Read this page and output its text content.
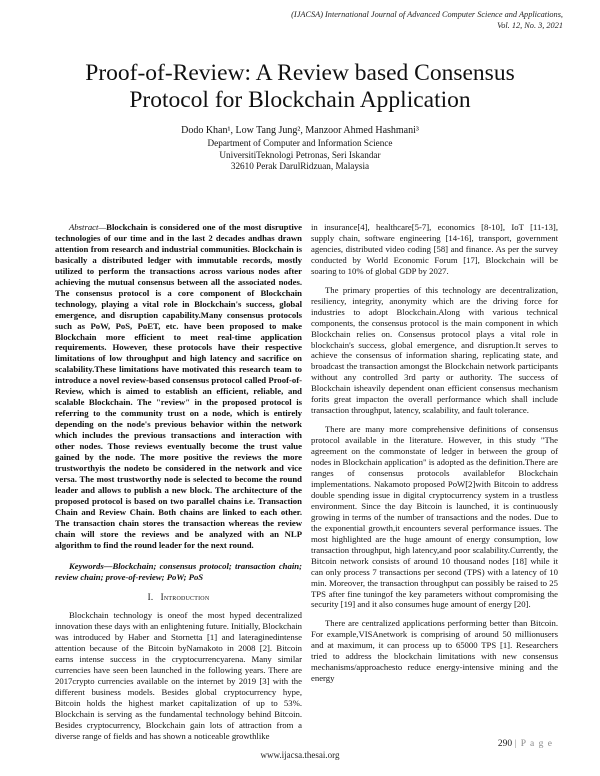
(IJACSA) International Journal of Advanced Computer Science and Applications,
Vol. 12, No. 3, 2021
Proof-of-Review: A Review based Consensus
Protocol for Blockchain Application
Dodo Khan¹, Low Tang Jung², Manzoor Ahmed Hashmani³
Department of Computer and Information Science
UniversitiTeknologi Petronas, Seri Iskandar
32610 Perak DarulRidzuan, Malaysia

Abstract—Blockchain is considered one of the most disruptive technologies of our time and in the last 2 decades andhas drawn attention from research and industrial communities. Blockchain is basically a distributed ledger with immutable records, mostly utilized to perform the transactions across various nodes after achieving the mutual consensus between all the associated nodes. The consensus protocol is a core component of Blockchain technology, playing a vital role in Blockchain's success, global emergence, and disruption capability.Many consensus protocols such as PoW, PoS, PoET, etc. have been proposed to make Blockchain more efficient to meet real-time application requirements. However, these protocols have their respective limitations of low throughput and high latency and sacrifice on scalability.These limitations have motivated this research team to introduce a novel review-based consensus protocol called Proof-of-Review, which is aimed to establish an efficient, reliable, and scalable Blockchain. The "review" in the proposed protocol is referring to the community trust on a node, which is entirely depending on the node's previous behavior within the network which includes the previous transactions and interaction with other nodes. Those reviews eventually become the trust value gained by the node. The more positive the reviews the more trustworthyis the nodeto be considered in the network and vice versa. The most trustworthy node is selected to become the round leader and allows to publish a new block. The architecture of the proposed protocol is based on two parallel chains i.e. Transaction Chain and Review Chain. Both chains are linked to each other. The transaction chain stores the transaction whereas the review chain will store the reviews and be analyzed with an NLP algorithm to find the round leader for the next round.

Keywords—Blockchain; consensus protocol; transaction chain; review chain; prove-of-review; PoW; PoS

I. Introduction

Blockchain technology is oneof the most hyped decentralized innovation these days with an enlightening future. Initially, Blockchain was introduced by Haber and Stornetta [1] and lateraginedintense attention because of the Bitcoin byNamakoto in 2008 [2]. Bitcoin earns intense success in the cryptocurrencyarena. Many similar currencies have seen been launched in the following years. There are 2017crypto currencies available on the internet by 2019 [3] with the different business models. Besides global cryptocurrency hype, Bitcoin holds the highest market capitalization of up to 53%. Blockchain is serving as the fundamental technology behind Bitcoin. Besides cryptocurrency, Blockchain gain lots of attraction from a diverse range of fields and has shown a noticeable growthlike

in insurance[4], healthcare[5-7], economics [8-10], IoT [11-13], supply chain, software engineering [14-16], transport, government agencies, distributed video coding [58] and finance. As per the survey conducted by World Economic Forum [17], Blockchain will be soaring to 10% of global GDP by 2027.

The primary properties of this technology are decentralization, resiliency, integrity, anonymity which are the driving force for industries to adopt Blockchain.Along with various technical components, the consensus protocol is the main component in which Blockchain relies on. Consensus protocol plays a vital role in blockchain's success, global emergence, and disruption.It serves to achieve the consensus of information sharing, replicating state, and broadcast the transaction amongst the Blockchain network participants without any controlled 3rd party or authority. The success of Blockchain isheavily dependent onan efficient consensus mechanism forits great impacton the overall performance which shall include transaction throughput, latency, scalability, and fault tolerance.

There are many more comprehensive definitions of consensus protocol available in the literature. However, in this study "The agreement on the commonstate of ledger in between the group of nodes in Blockchain application" is adopted as the definition.There are ranges of consensus protocols availablefor Blockchain implementations. Nakamoto proposed PoW[2]with Bitcoin to address double spending issue in digital cryptocurrency system in a trustless environment. Since the day Bitcoin is launched, it is continuously growing in terms of the number of transactions and the nodes. Due to the exponential growth,it encounters several performance issues. The most highlighted are the huge amount of energy consumption, low transaction throughput, high latency,and poor scalability.Currently, the Bitcoin network consists of around 10 thousand nodes [18] while it can only process 7 transactions per second (TPS) with a latency of 10 min. Moreover, the transaction throughput can possibly be raised to 25 TPS after fine tuningof the key parameters without compromising the security [19] and it also consumes huge amount of energy [20].

There are centralized applications performing better than Bitcoin. For example,VISAnetwork is comprising of around 50 millionusers and at maximum, it can process up to 65000 TPS [1]. Researchers tried to address the blockchain limitations with new consensus mechanisms/approachesto reduce energy-intensive mining and the energy

290 | P a g e
www.ijacsa.thesai.org
